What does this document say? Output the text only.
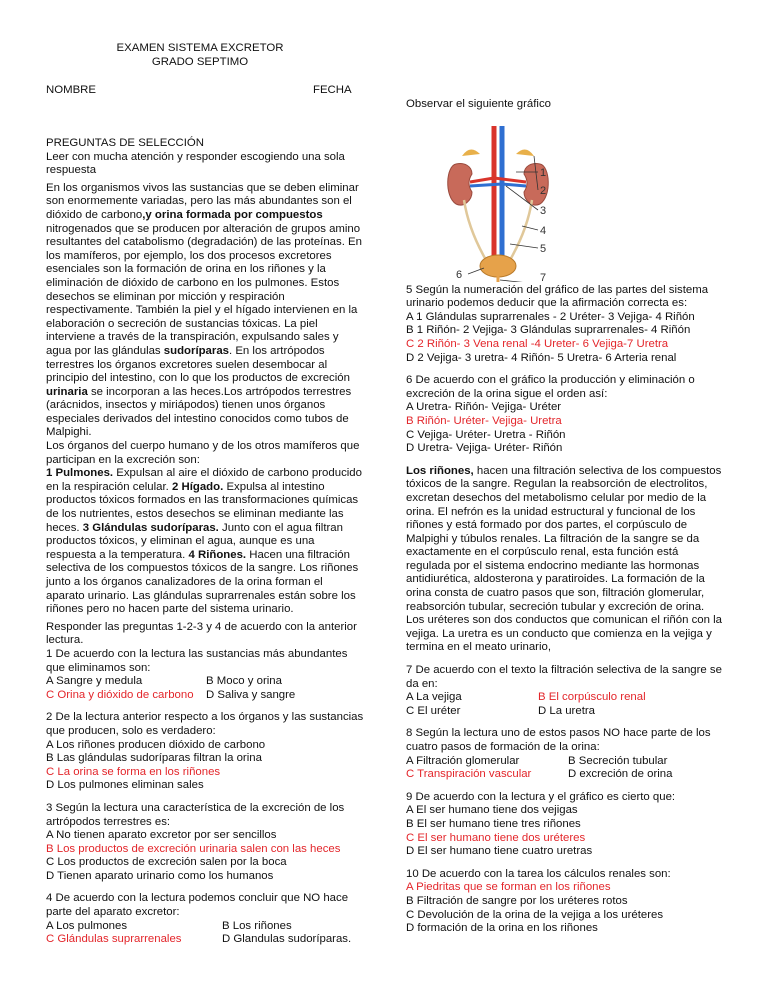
EXAMEN SISTEMA EXCRETOR
GRADO SEPTIMO
NOMBRE	FECHA

PREGUNTAS DE SELECCIÓN

Leer con mucha atención y responder escogiendo una sola respuesta

En los organismos vivos las sustancias que se deben eliminar son enormemente variadas, pero las más abundantes son el dióxido de carbono,y orina formada por compuestos nitrogenados que se producen por alteración de grupos amino resultantes del catabolismo (degradación) de las proteínas. En los mamíferos, por ejemplo, los dos procesos excretores esenciales son la formación de orina en los riñones y la eliminación de dióxido de carbono en los pulmones. Estos desechos se eliminan por micción y respiración respectivamente. También la piel y el hígado intervienen en la elaboración o secreción de sustancias tóxicas. La piel interviene a través de la transpiración, expulsando sales y agua por las glándulas sudoríparas. En los artrópodos terrestres los órganos excretores suelen desembocar al principio del intestino, con lo que los productos de excreción urinaria se incorporan a las heces.Los artrópodos terrestres (arácnidos, insectos y miriápodos) tienen unos órganos especiales derivados del intestino conocidos como tubos de Malpighi.

Los órganos del cuerpo humano y de los otros mamíferos que participan en la excreción son:
1 Pulmones. Expulsan al aire el dióxido de carbono producido en la respiración celular. 2 Hígado. Expulsa al intestino productos tóxicos formados en las transformaciones químicas de los nutrientes, estos desechos se eliminan mediante las heces. 3 Glándulas sudoríparas. Junto con el agua filtran productos tóxicos, y eliminan el agua, aunque es una respuesta a la temperatura. 4 Riñones. Hacen una filtración selectiva de los compuestos tóxicos de la sangre. Los riñones junto a los órganos canalizadores de la orina forman el aparato urinario. Las glándulas suprarrenales están sobre los riñones pero no hacen parte del sistema urinario.

Responder las preguntas 1-2-3 y 4 de acuerdo con la anterior lectura.

1 De acuerdo con la lectura las sustancias más abundantes que eliminamos son:

A Sangre y medula	B Moco y orina
C Orina y dióxido de carbono	D Saliva y sangre

2 De la lectura anterior respecto a los órganos y las sustancias que producen, solo es verdadero:

A Los riñones producen dióxido de carbono

B Las glándulas sudoríparas filtran la orina

C La orina se forma en los riñones

D Los pulmones eliminan sales

3 Según la lectura una característica de la excreción de los artrópodos terrestres es:

A No tienen aparato excretor por ser sencillos

B Los productos de excreción urinaria salen con las heces

C Los productos de excreción salen por la boca

D Tienen aparato urinario como los humanos

4 De acuerdo con la lectura podemos concluir que NO hace parte del aparato excretor:

A Los pulmones	B Los riñones
C Glándulas suprarrenales	D Glandulas sudoríparas.

Observar el siguiente gráfico

1
2
3
4
5
6	7

5 Según la numeración del gráfico de las partes del sistema urinario podemos deducir que la afirmación correcta es:

A 1 Glándulas suprarrenales - 2 Uréter- 3 Vejiga- 4 Riñón

B 1 Riñón- 2 Vejiga- 3 Glándulas suprarrenales- 4 Riñón

C 2 Riñón- 3 Vena renal -4 Ureter- 6 Vejiga-7 Uretra

D 2 Vejiga- 3 uretra- 4 Riñón- 5 Uretra- 6 Arteria renal

6 De acuerdo con el gráfico la producción y eliminación o excreción de la orina sigue el orden así:

A Uretra- Riñón- Vejiga- Uréter

B Riñón- Uréter- Vejiga- Uretra

C Vejiga- Uréter- Uretra - Riñón

D Uretra- Vejiga- Uréter- Riñón

Los riñones, hacen una filtración selectiva de los compuestos tóxicos de la sangre. Regulan la reabsorción de electrolitos, excretan desechos del metabolismo celular por medio de la orina. El nefrón es la unidad estructural y funcional de los riñones y está formado por dos partes, el corpúsculo de Malpighi y túbulos renales. La filtración de la sangre se da exactamente en el corpúsculo renal, esta función está regulada por el sistema endocrino mediante las hormonas antidiurética, aldosterona y paratiroides. La formación de la orina consta de cuatro pasos que son, filtración glomerular, reabsorción tubular, secreción tubular y excreción de orina. Los uréteres son dos conductos que comunican el riñón con la vejiga. La uretra es un conducto que comienza en la vejiga y termina en el meato urinario,

7 De acuerdo con el texto la filtración selectiva de la sangre se da en:

A La vejiga	B El corpúsculo renal
C El uréter	D La uretra

8 Según la lectura uno de estos pasos NO hace parte de los cuatro pasos de formación de la orina:

A Filtración glomerular	B Secreción tubular
C Transpiración vascular	D excreción de orina

9 De acuerdo con la lectura y el gráfico es cierto que:

A El ser humano tiene dos vejigas

B El ser humano tiene tres riñones

C El ser humano tiene dos uréteres

D El ser humano tiene cuatro uretras

10 De acuerdo con la tarea los cálculos renales son:

A Piedritas que se forman en los riñones

B Filtración de sangre por los uréteres rotos

C Devolución de la orina de la vejiga a los uréteres

D formación de la orina en los riñones
